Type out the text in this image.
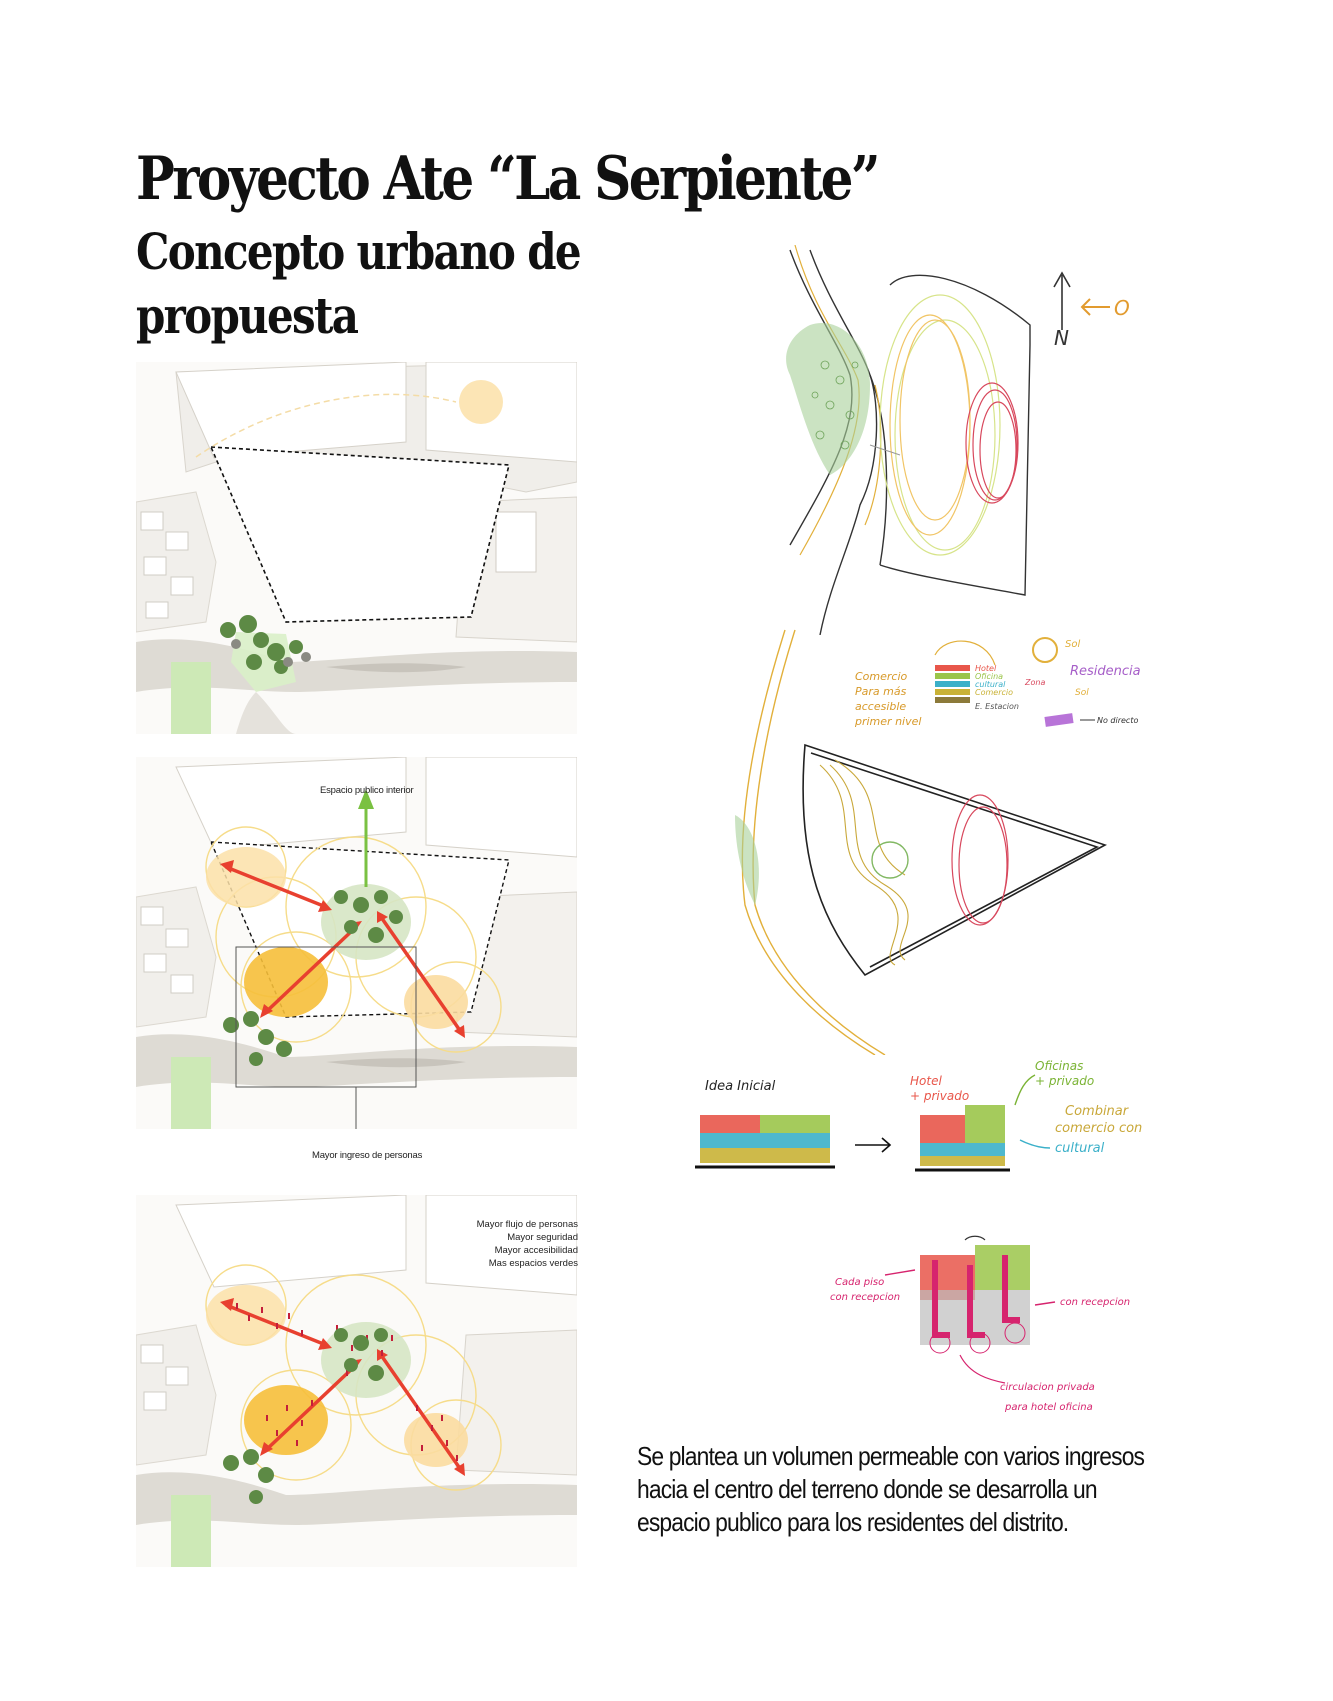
Proyecto Ate “La Serpiente”
Concepto urbano de
propuesta
Espacio publico interior
Mayor ingreso de personas
Mayor flujo de personas
Mayor seguridad
Mayor accesibilidad
Mas espacios verdes
N
O
Comercio
Para más
accesible
primer nivel
Hotel
Oficina
cultural
Comercio
E. Estacion
Zona
Sol
Residencia
Sol
No directo
Idea Inicial	Hotel
+ privado
Oficinas
+ privado
Combinar
comercio con
cultural
Cada piso
con recepcion	con recepcion
circulacion privada
para hotel oficina

Se plantea un volumen permeable con varios ingresos
hacia el centro del terreno donde se desarrolla un
espacio publico para los residentes del distrito.
